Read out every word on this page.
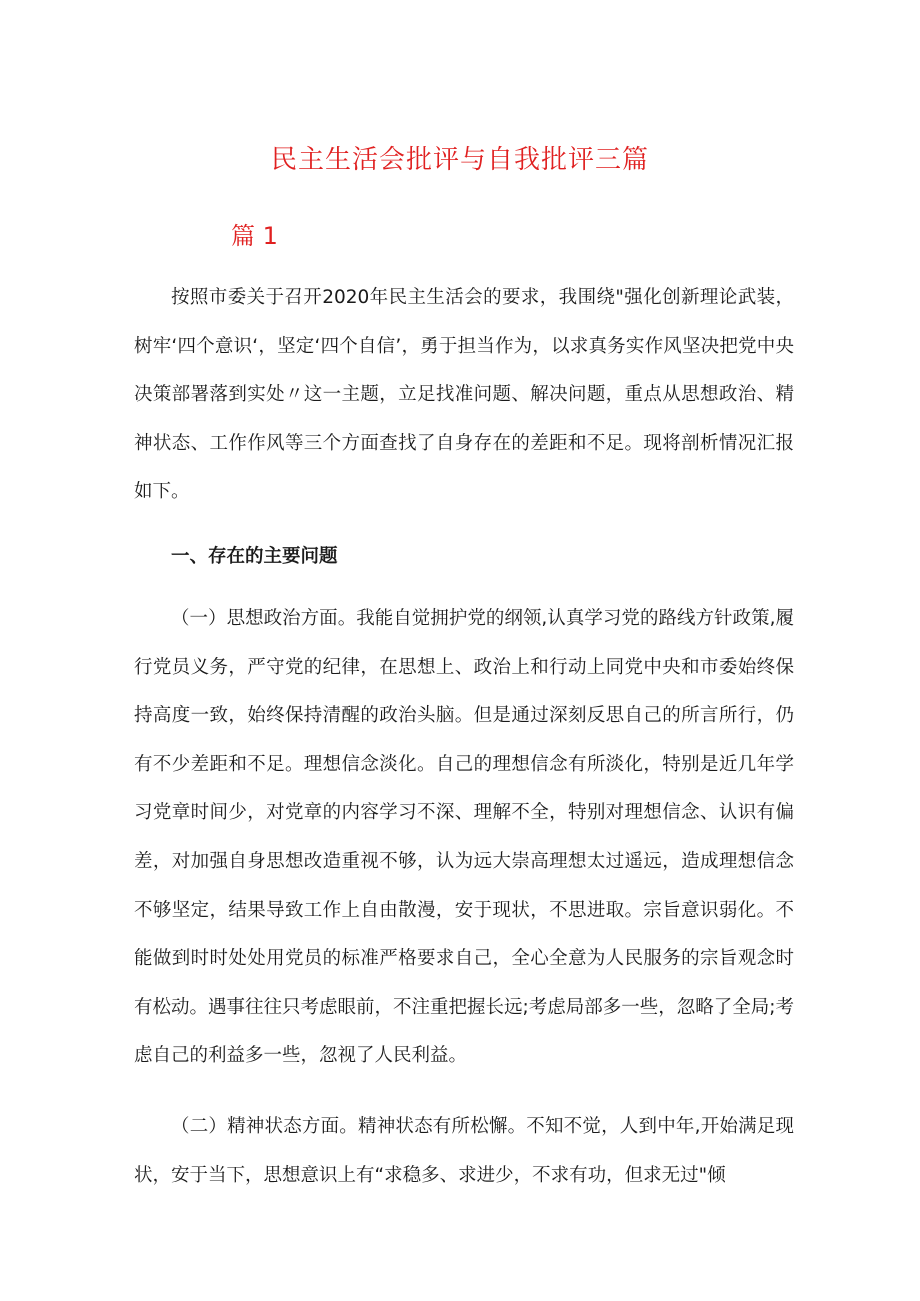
民主生活会批评与自我批评三篇
篇 1

按照市委关于召开2020年民主生活会的要求，我围绕"强化创新理论武装，树牢‘四个意识‘，坚定‘四个自信’，勇于担当作为，以求真务实作风坚决把党中央决策部署落到实处〃这一主题，立足找准问题、解决问题，重点从思想政治、精神状态、工作作风等三个方面查找了自身存在的差距和不足。现将剖析情况汇报如下。

一、存在的主要问题

（一）思想政治方面。我能自觉拥护党的纲领,认真学习党的路线方针政策,履行党员义务，严守党的纪律，在思想上、政治上和行动上同党中央和市委始终保持高度一致，始终保持清醒的政治头脑。但是通过深刻反思自己的所言所行，仍有不少差距和不足。理想信念淡化。自己的理想信念有所淡化，特别是近几年学习党章时间少，对党章的内容学习不深、理解不全，特别对理想信念、认识有偏差，对加强自身思想改造重视不够，认为远大崇高理想太过遥远，造成理想信念不够坚定，结果导致工作上自由散漫，安于现状，不思进取。宗旨意识弱化。不能做到时时处处用党员的标准严格要求自己，全心全意为人民服务的宗旨观念时有松动。遇事往往只考虑眼前，不注重把握长远;考虑局部多一些，忽略了全局;考虑自己的利益多一些，忽视了人民利益。

（二）精神状态方面。精神状态有所松懈。不知不觉，人到中年,开始满足现状，安于当下，思想意识上有“求稳多、求进少，不求有功，但求无过"倾
